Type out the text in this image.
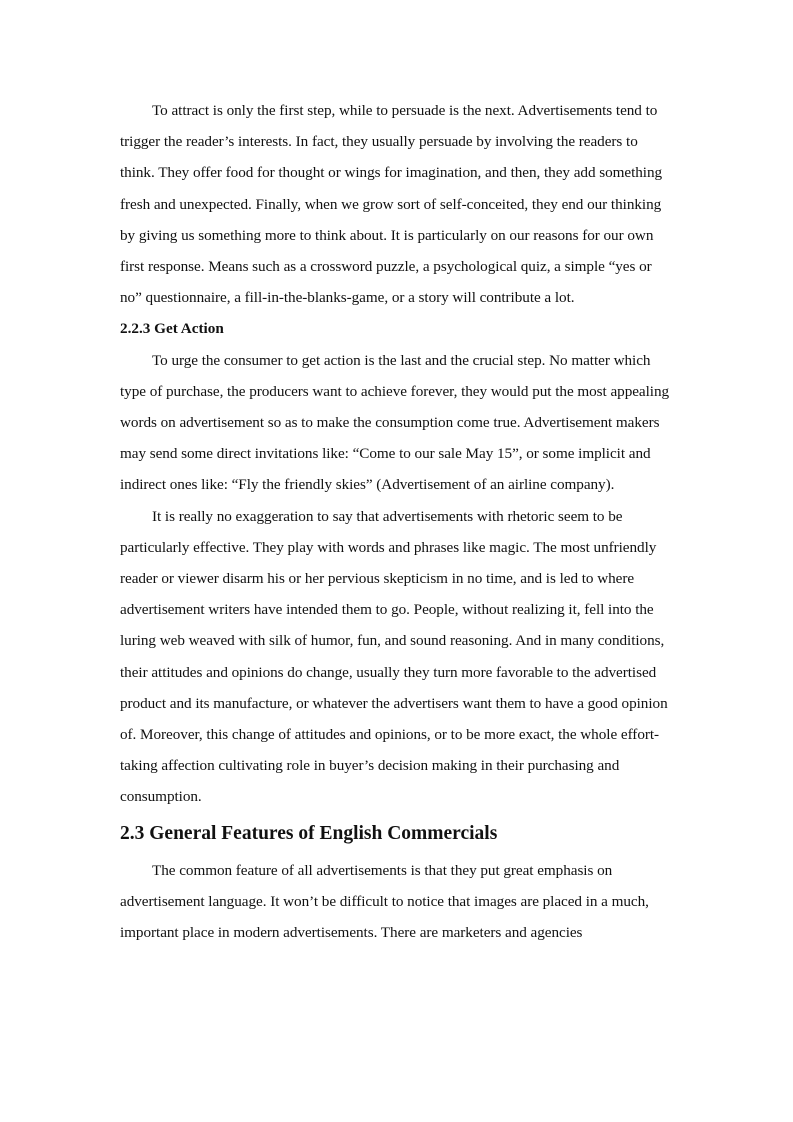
To attract is only the first step, while to persuade is the next. Advertisements tend to trigger the reader’s interests. In fact, they usually persuade by involving the readers to think. They offer food for thought or wings for imagination, and then, they add something fresh and unexpected. Finally, when we grow sort of self-conceited, they end our thinking by giving us something more to think about. It is particularly on our reasons for our own first response. Means such as a crossword puzzle, a psychological quiz, a simple “yes or no” questionnaire, a fill-in-the-blanks-game, or a story will contribute a lot.

2.2.3 Get Action

To urge the consumer to get action is the last and the crucial step. No matter which type of purchase, the producers want to achieve forever, they would put the most appealing words on advertisement so as to make the consumption come true. Advertisement makers may send some direct invitations like: “Come to our sale May 15”, or some implicit and indirect ones like: “Fly the friendly skies” (Advertisement of an airline company).

It is really no exaggeration to say that advertisements with rhetoric seem to be particularly effective. They play with words and phrases like magic. The most unfriendly reader or viewer disarm his or her pervious skepticism in no time, and is led to where advertisement writers have intended them to go. People, without realizing it, fell into the luring web weaved with silk of humor, fun, and sound reasoning. And in many conditions, their attitudes and opinions do change, usually they turn more favorable to the advertised product and its manufacture, or whatever the advertisers want them to have a good opinion of. Moreover, this change of attitudes and opinions, or to be more exact, the whole effort-taking affection cultivating role in buyer’s decision making in their purchasing and consumption.

2.3 General Features of English Commercials

The common feature of all advertisements is that they put great emphasis on advertisement language. It won’t be difficult to notice that images are placed in a much, important place in modern advertisements. There are marketers and agencies
